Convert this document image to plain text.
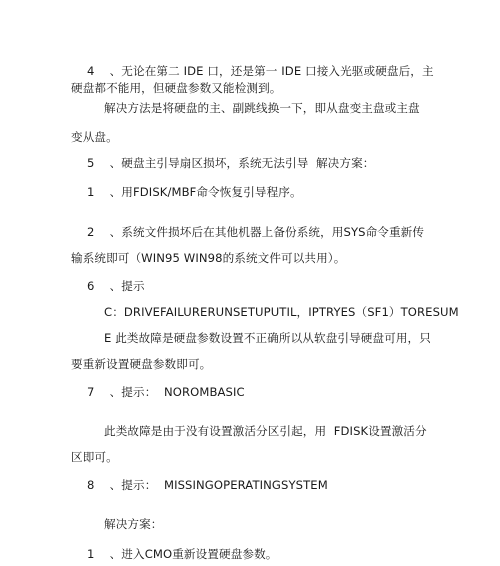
4    、无论在第二 IDE 口，还是第一 IDE 口接入光驱或硬盘后，主
硬盘都不能用，但硬盘参数又能检测到。
解决方法是将硬盘的主、副跳线换一下，即从盘变主盘或主盘
变从盘。
5    、硬盘主引导扇区损坏，系统无法引导  解决方案：
1    、用FDISK/MBF命令恢复引导程序。
2    、系统文件损坏后在其他机器上备份系统，用SYS命令重新传
输系统即可（WIN95 WIN98的系统文件可以共用）。
6    、提示
C：DRIVEFAILURERUNSETUPUTIL，IPTRYES（SF1）TORESUM
E 此类故障是硬盘参数设置不正确所以从软盘引导硬盘可用，只
要重新设置硬盘参数即可。
7    、提示：  NOROMBASIC
此类故障是由于没有设置激活分区引起，用  FDISK设置激活分
区即可。
8    、提示：  MISSINGOPERATINGSYSTEM
解决方案：
1    、进入CMO重新设置硬盘参数。
